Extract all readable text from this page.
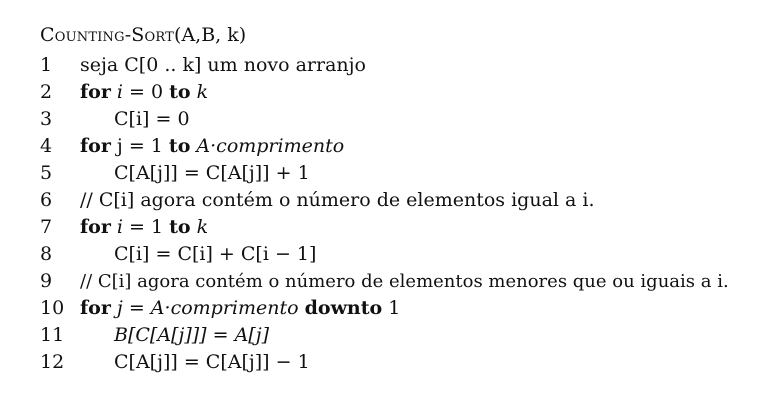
Counting-Sort(A,B, k)
1	seja C[0 .. k] um novo arranjo
2	for i = 0 to k
3	C[i] = 0
4	for j = 1 to A·comprimento
5	C[A[j]] = C[A[j]] + 1
6	// C[i] agora contém o número de elementos igual a i.
7	for i = 1 to k
8	C[i] = C[i] + C[i − 1]
9	// C[i] agora contém o número de elementos menores que ou iguais a i.
10 for j = A·comprimento downto 1
11	B[C[A[j]]] = A[j]
12	C[A[j]] = C[A[j]] − 1
